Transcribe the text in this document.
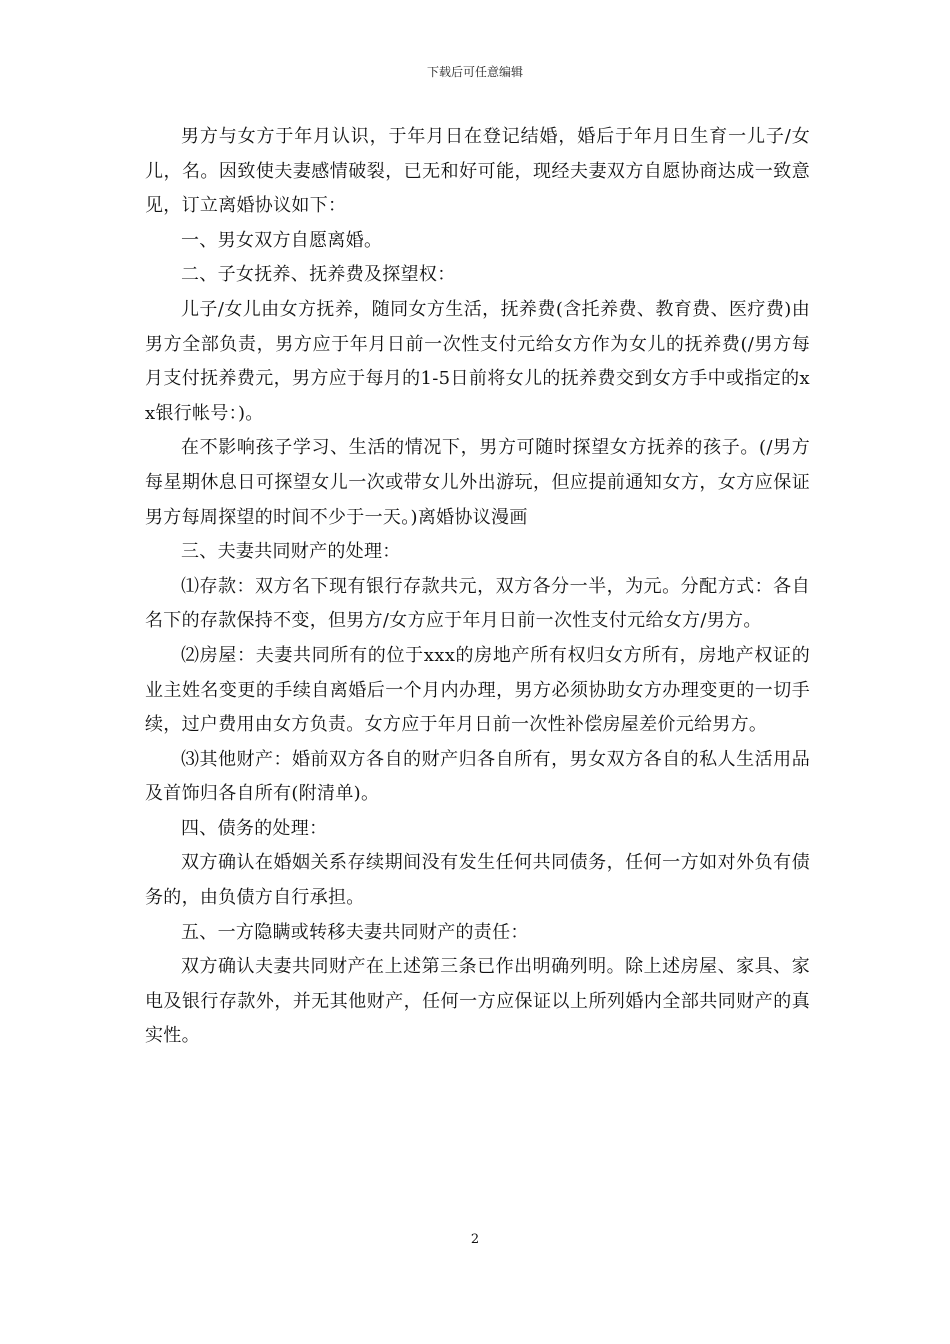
下载后可任意编辑

男方与女方于年月认识，于年月日在登记结婚，婚后于年月日生育一儿子/女儿，名。因致使夫妻感情破裂，已无和好可能，现经夫妻双方自愿协商达成一致意见，订立离婚协议如下：

一、男女双方自愿离婚。

二、子女抚养、抚养费及探望权：

儿子/女儿由女方抚养，随同女方生活，抚养费(含托养费、教育费、医疗费)由男方全部负责，男方应于年月日前一次性支付元给女方作为女儿的抚养费(/男方每月支付抚养费元，男方应于每月的1-5日前将女儿的抚养费交到女方手中或指定的xx银行帐号：)。

在不影响孩子学习、生活的情况下，男方可随时探望女方抚养的孩子。(/男方每星期休息日可探望女儿一次或带女儿外出游玩，但应提前通知女方，女方应保证男方每周探望的时间不少于一天。)离婚协议漫画

三、夫妻共同财产的处理：

⑴存款：双方名下现有银行存款共元，双方各分一半，为元。分配方式：各自名下的存款保持不变，但男方/女方应于年月日前一次性支付元给女方/男方。

⑵房屋：夫妻共同所有的位于xxx的房地产所有权归女方所有，房地产权证的业主姓名变更的手续自离婚后一个月内办理，男方必须协助女方办理变更的一切手续，过户费用由女方负责。女方应于年月日前一次性补偿房屋差价元给男方。

⑶其他财产：婚前双方各自的财产归各自所有，男女双方各自的私人生活用品及首饰归各自所有(附清单)。

四、债务的处理：

双方确认在婚姻关系存续期间没有发生任何共同债务，任何一方如对外负有债务的，由负债方自行承担。

五、一方隐瞒或转移夫妻共同财产的责任：

双方确认夫妻共同财产在上述第三条已作出明确列明。除上述房屋、家具、家电及银行存款外，并无其他财产，任何一方应保证以上所列婚内全部共同财产的真实性。

2
